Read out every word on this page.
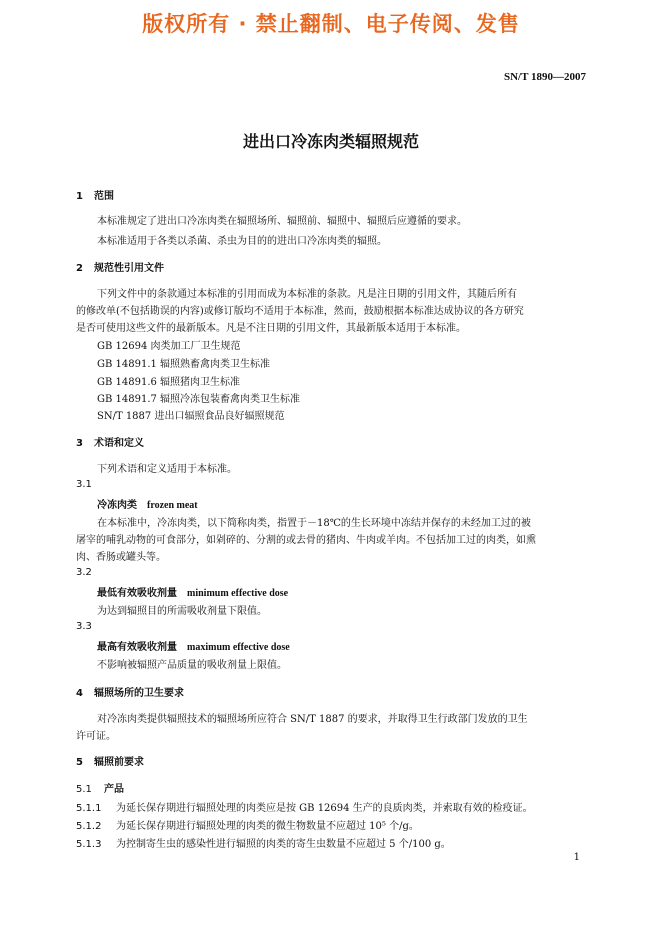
版权所有 · 禁止翻制、电子传阅、发售
SN/T 1890—2007
进出口冷冻肉类辐照规范
1 范围
本标准规定了进出口冷冻肉类在辐照场所、辐照前、辐照中、辐照后应遵循的要求。
本标准适用于各类以杀菌、杀虫为目的的进出口冷冻肉类的辐照。
2 规范性引用文件
下列文件中的条款通过本标准的引用而成为本标准的条款。凡是注日期的引用文件，其随后所有
的修改单(不包括勘误的内容)或修订版均不适用于本标准，然而，鼓励根据本标准达成协议的各方研究
是否可使用这些文件的最新版本。凡是不注日期的引用文件，其最新版本适用于本标准。
GB 12694 肉类加工厂卫生规范
GB 14891.1 辐照熟畜禽肉类卫生标准
GB 14891.6 辐照猪肉卫生标准
GB 14891.7 辐照冷冻包装畜禽肉类卫生标准
SN/T 1887 进出口辐照食品良好辐照规范
3 术语和定义
下列术语和定义适用于本标准。
3.1
冷冻肉类 frozen meat
在本标准中，冷冻肉类，以下简称肉类，指置于－18℃的生长环境中冻结并保存的未经加工过的被
屠宰的哺乳动物的可食部分，如剁碎的、分割的或去骨的猪肉、牛肉或羊肉。不包括加工过的肉类，如熏
肉、香肠或罐头等。
3.2
最低有效吸收剂量 minimum effective dose
为达到辐照目的所需吸收剂量下限值。
3.3
最高有效吸收剂量 maximum effective dose
不影响被辐照产品质量的吸收剂量上限值。
4 辐照场所的卫生要求
对冷冻肉类提供辐照技术的辐照场所应符合 SN/T 1887 的要求，并取得卫生行政部门发放的卫生
许可证。
5 辐照前要求
5.1 产品
5.1.1 为延长保存期进行辐照处理的肉类应是按 GB 12694 生产的良质肉类，并索取有效的检疫证。
5.1.2 为延长保存期进行辐照处理的肉类的微生物数量不应超过 10⁵ 个/g。
5.1.3 为控制寄生虫的感染性进行辐照的肉类的寄生虫数量不应超过 5 个/100 g。
1
